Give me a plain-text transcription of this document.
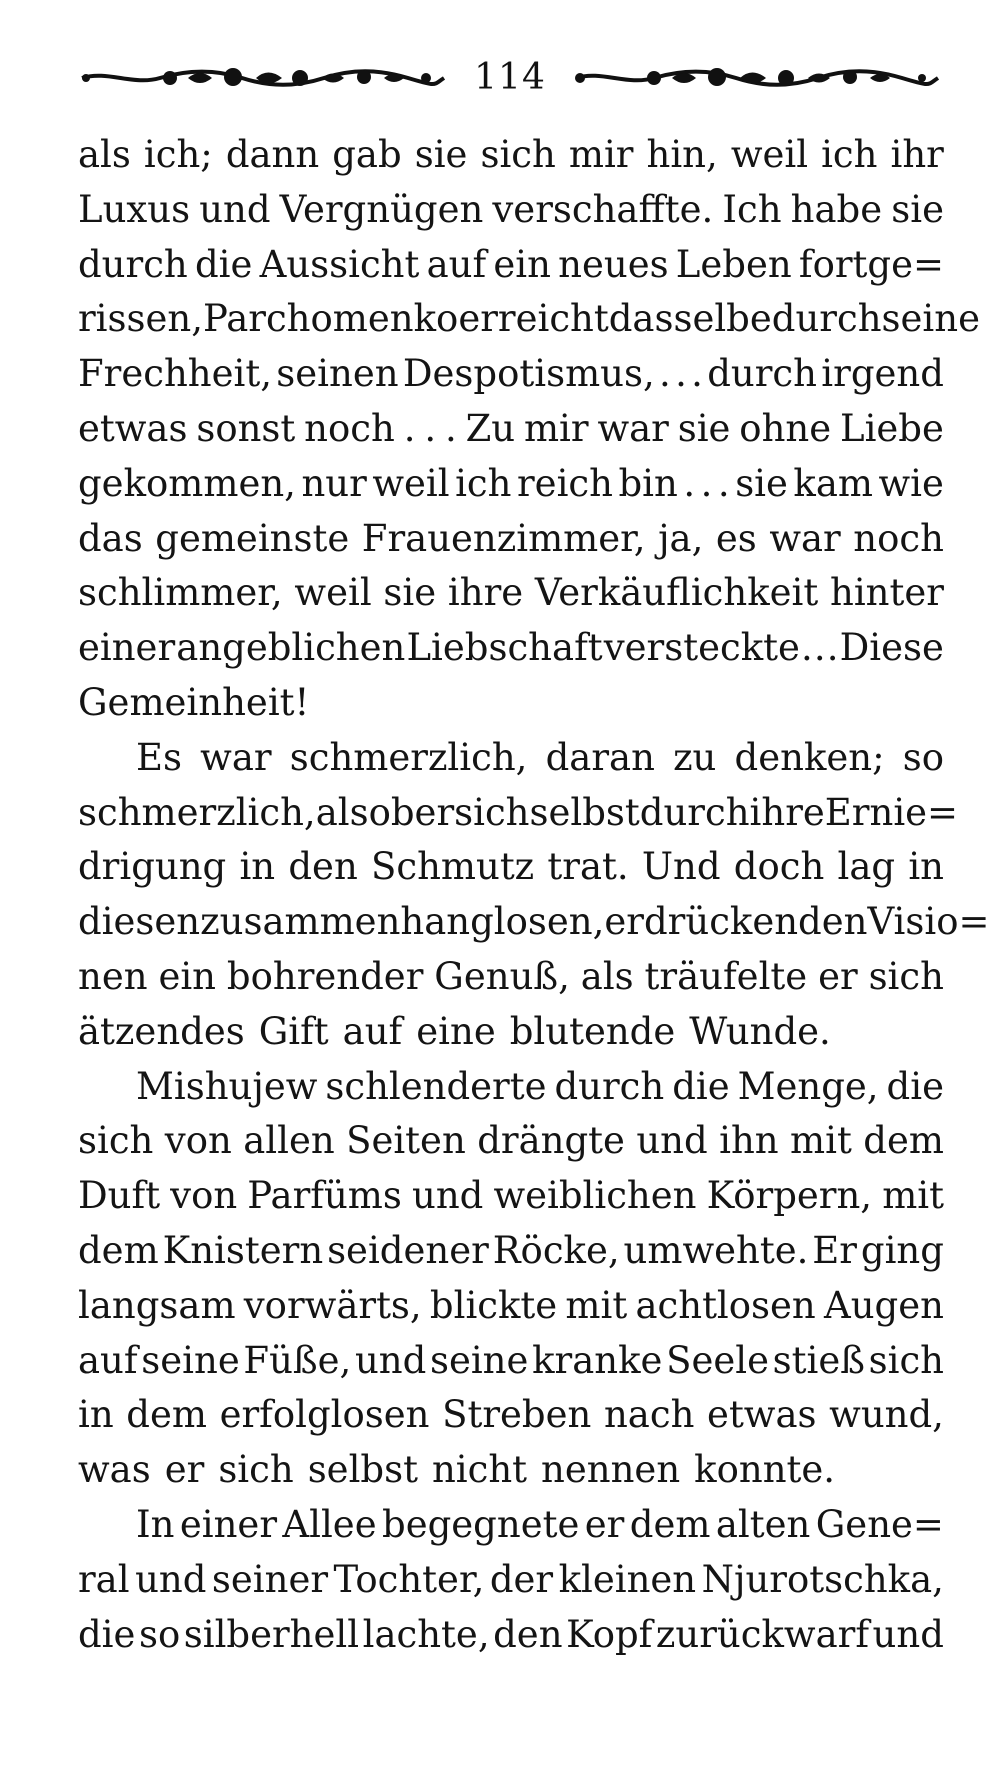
114
als ich; dann gab sie sich mir hin, weil ich ihr
Luxus und Vergnügen verschaffte. Ich habe sie
durch die Aussicht auf ein neues Leben fortge=
rissen, Parchomenko erreicht dasselbe durch seine
Frechheit, seinen Despotismus, . . . durch irgend
etwas sonst noch . . . Zu mir war sie ohne Liebe
gekommen, nur weil ich reich bin . . . sie kam wie
das gemeinste Frauenzimmer, ja, es war noch
schlimmer, weil sie ihre Verkäuflichkeit hinter
einer angeblichen Liebschaft versteckte . . . Diese
Gemeinheit!
Es war schmerzlich, daran zu denken; so
schmerzlich, als ob er sich selbst durch ihre Ernie=
drigung in den Schmutz trat. Und doch lag in
diesen zusammenhanglosen, erdrückenden Visio=
nen ein bohrender Genuß, als träufelte er sich
ätzendes Gift auf eine blutende Wunde.
Mishujew schlenderte durch die Menge, die
sich von allen Seiten drängte und ihn mit dem
Duft von Parfüms und weiblichen Körpern, mit
dem Knistern seidener Röcke, umwehte. Er ging
langsam vorwärts, blickte mit achtlosen Augen
auf seine Füße, und seine kranke Seele stieß sich
in dem erfolglosen Streben nach etwas wund,
was er sich selbst nicht nennen konnte.
In einer Allee begegnete er dem alten Gene=
ral und seiner Tochter, der kleinen Njurotschka,
die so silberhell lachte, den Kopf zurückwarf und
